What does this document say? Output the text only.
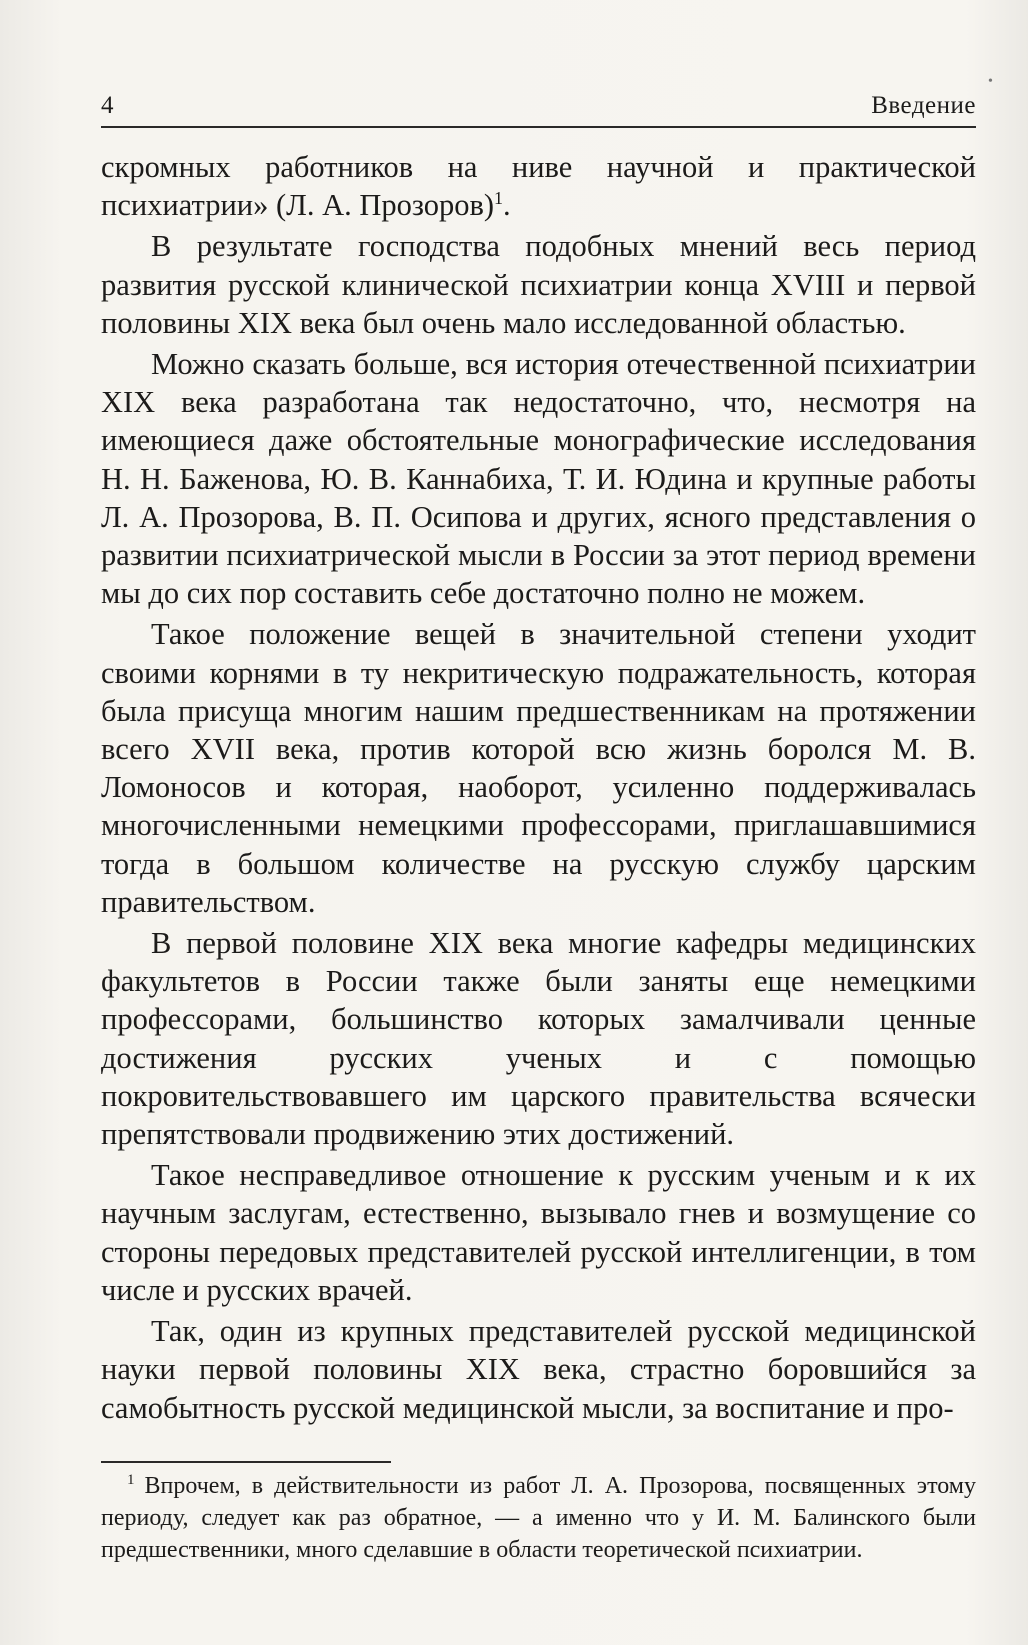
•
4	Введение

скромных работников на ниве научной и практической психиатрии» (Л. А. Прозоров)$^1$.

В результате господства подобных мнений весь период развития русской клинической психиатрии конца XVIII и первой половины XIX века был очень мало исследованной областью.

Можно сказать больше, вся история отечественной психиатрии XIX века разработана так недостаточно, что, несмотря на имеющиеся даже обстоятельные монографические исследования Н. Н. Баженова, Ю. В. Каннабиха, Т. И. Юдина и крупные работы Л. А. Прозорова, В. П. Осипова и других, ясного представления о развитии психиатрической мысли в России за этот период времени мы до сих пор составить себе достаточно полно не можем.

Такое положение вещей в значительной степени уходит своими корнями в ту некритическую подражательность, которая была присуща многим нашим предшественникам на протяжении всего XVII века, против которой всю жизнь боролся М. В. Ломоносов и которая, наоборот, усиленно поддерживалась многочисленными немецкими профессорами, приглашавшимися тогда в большом количестве на русскую службу царским правительством.

В первой половине XIX века многие кафедры медицинских факультетов в России также были заняты еще немецкими профессорами, большинство которых замалчивали ценные достижения русских ученых и с помощью покровительствовавшего им царского правительства всячески препятствовали продвижению этих достижений.

Такое несправедливое отношение к русским ученым и к их научным заслугам, естественно, вызывало гнев и возмущение со стороны передовых представителей русской интеллигенции, в том числе и русских врачей.

Так, один из крупных представителей русской медицинской науки первой половины XIX века, страстно боровшийся за самобытность русской медицинской мысли, за воспитание и про-

$^1$ Впрочем, в действительности из работ Л. А. Прозорова, посвященных этому периоду, следует как раз обратное, — а именно что у И. М. Балинского были предшественники, много сделавшие в области теоретической психиатрии.
